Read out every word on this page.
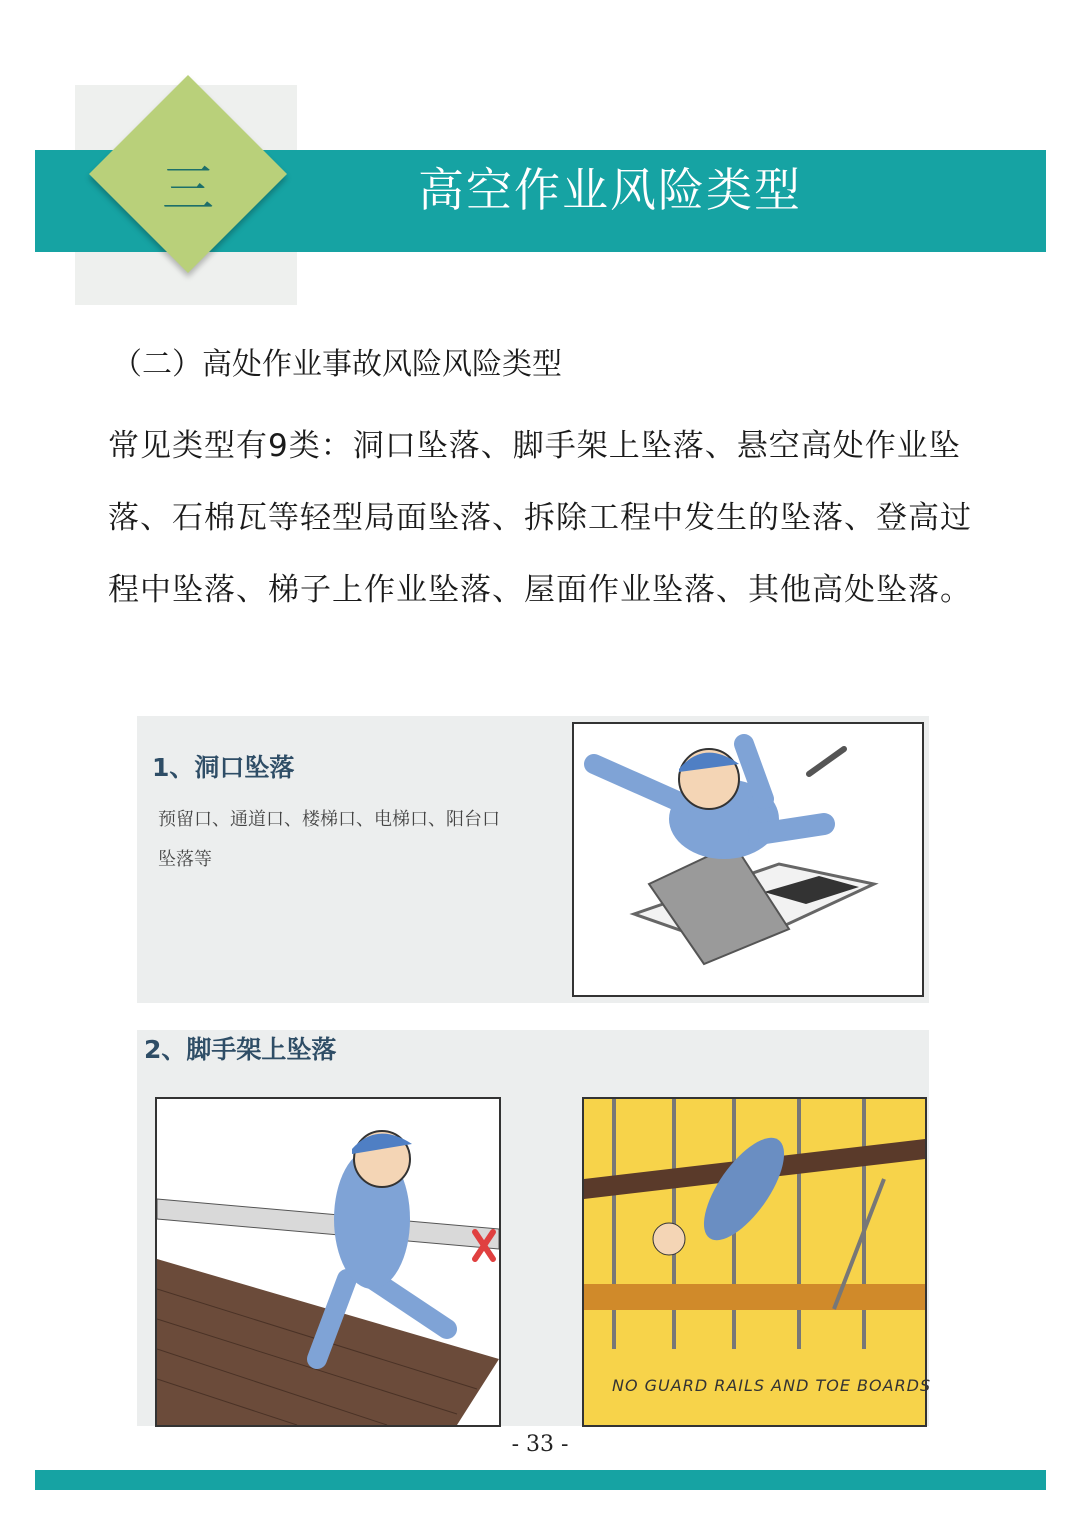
三	高空作业风险类型
（二）高处作业事故风险风险类型
常见类型有9类：洞口坠落、脚手架上坠落、悬空高处作业坠落、石棉瓦等轻型局面坠落、拆除工程中发生的坠落、登高过程中坠落、梯子上作业坠落、屋面作业坠落、其他高处坠落。
1、洞口坠落
预留口、通道口、楼梯口、电梯口、阳台口坠落等
2、脚手架上坠落
NO GUARD RAILS AND TOE BOARDS
- 33 -
